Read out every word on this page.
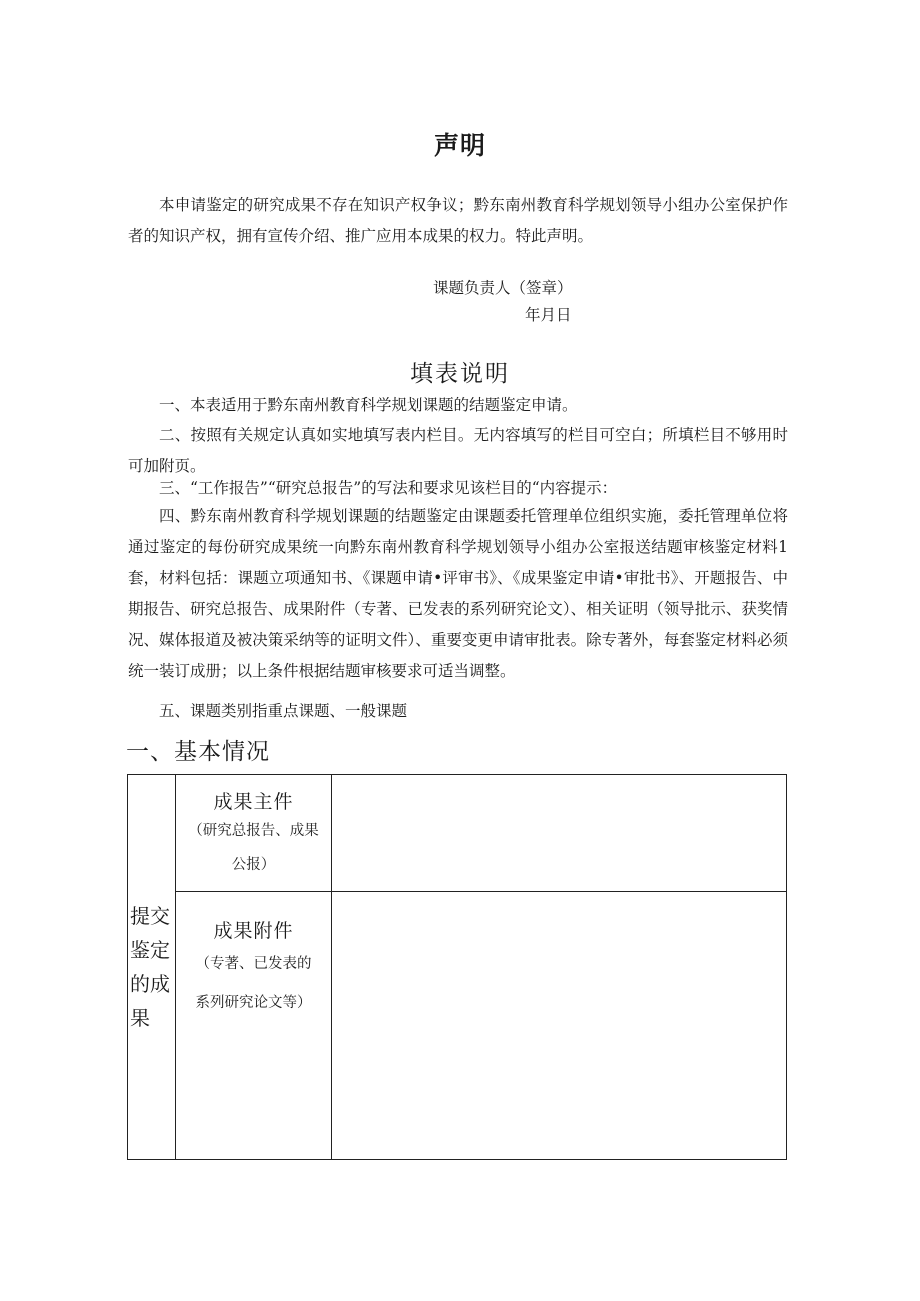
声明
本申请鉴定的研究成果不存在知识产权争议；黔东南州教育科学规划领导小组办公室保护作者的知识产权，拥有宣传介绍、推广应用本成果的权力。特此声明。
课题负责人（签章）
年月日
填表说明
一、本表适用于黔东南州教育科学规划课题的结题鉴定申请。
二、按照有关规定认真如实地填写表内栏目。无内容填写的栏目可空白；所填栏目不够用时可加附页。
三、“工作报告”“研究总报告”的写法和要求见该栏目的“内容提示：
四、黔东南州教育科学规划课题的结题鉴定由课题委托管理单位组织实施，委托管理单位将通过鉴定的每份研究成果统一向黔东南州教育科学规划领导小组办公室报送结题审核鉴定材料1套，材料包括：课题立项通知书、《课题申请•评审书》、《成果鉴定申请•审批书》、开题报告、中期报告、研究总报告、成果附件（专著、已发表的系列研究论文）、相关证明（领导批示、获奖情况、媒体报道及被决策采纳等的证明文件）、重要变更申请审批表。除专著外，每套鉴定材料必须统一装订成册；以上条件根据结题审核要求可适当调整。
五、课题类别指重点课题、一般课题
一、基本情况
提交鉴定的成果	成果主件
（研究总报告、成果
公报）	

	成果附件
（专著、已发表的
系列研究论文等）	
